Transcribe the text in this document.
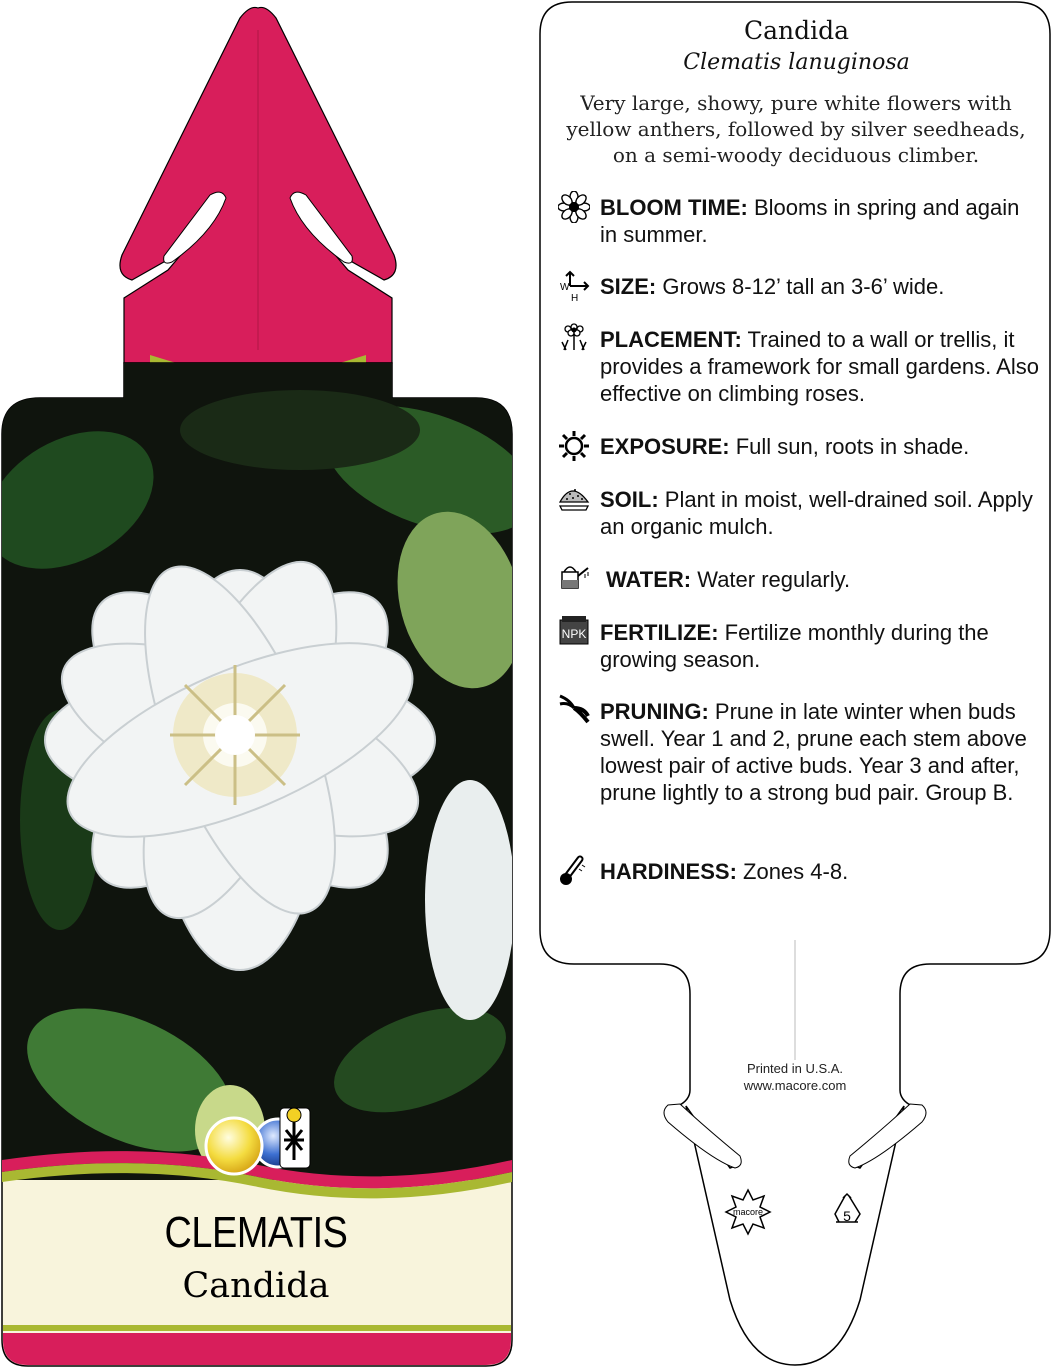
CLEMATIS
Candida
macore	5
Candida
Clematis lanuginosa
Very large, showy, pure white flowers with yellow anthers, followed by silver seedheads, on a semi-woody deciduous climber.
BLOOM TIME: Blooms in spring and again in summer.
W
H SIZE: Grows 8-12’ tall an 3-6’ wide.
PLACEMENT: Trained to a wall or trellis, it provides a framework for small gardens. Also effective on climbing roses.
EXPOSURE: Full sun, roots in shade.
SOIL: Plant in moist, well-drained soil. Apply an organic mulch.
WATER: Water regularly.
NPK FERTILIZE: Fertilize monthly during the growing season.
PRUNING: Prune in late winter when buds swell. Year 1 and 2, prune each stem above lowest pair of active buds. Year 3 and after, prune lightly to a strong bud pair. Group B.
HARDINESS: Zones 4-8.
Printed in U.S.A.
www.macore.com
